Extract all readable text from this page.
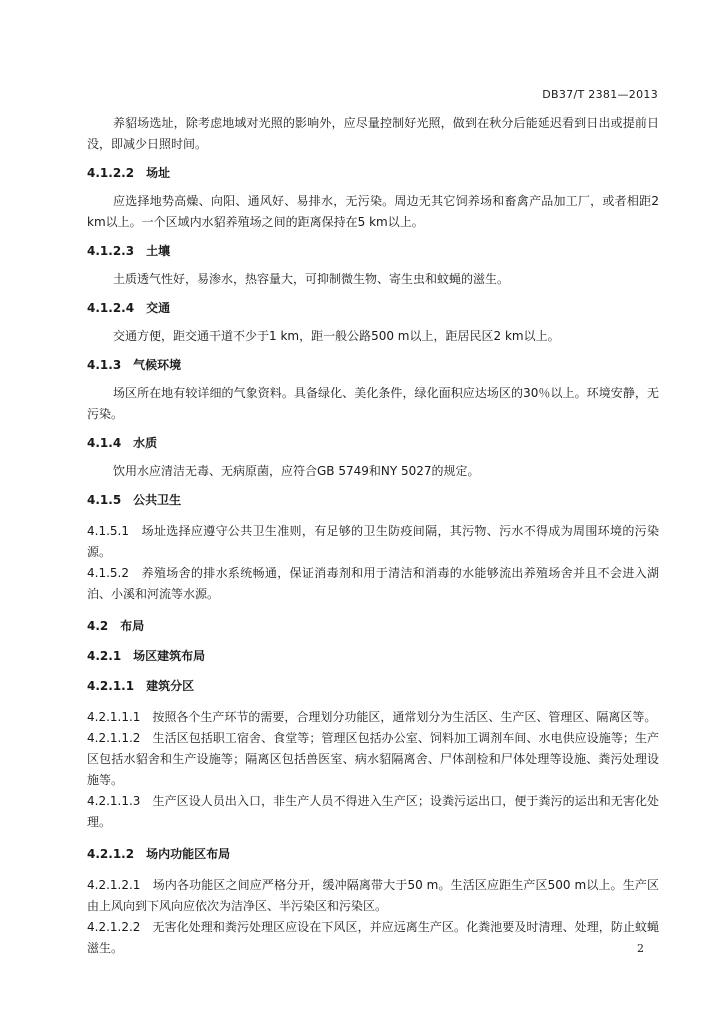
DB37/T 2381—2013

养貂场选址，除考虑地域对光照的影响外，应尽量控制好光照，做到在秋分后能延迟看到日出或提前日没，即减少日照时间。

4.1.2.2 场址

应选择地势高燥、向阳、通风好、易排水，无污染。周边无其它饲养场和畜禽产品加工厂，或者相距2 km以上。一个区域内水貂养殖场之间的距离保持在5 km以上。

4.1.2.3 土壤

土质透气性好，易渗水，热容量大，可抑制微生物、寄生虫和蚊蝇的滋生。

4.1.2.4 交通

交通方便，距交通干道不少于1 km，距一般公路500 m以上，距居民区2 km以上。

4.1.3 气候环境

场区所在地有较详细的气象资料。具备绿化、美化条件，绿化面积应达场区的30％以上。环境安静，无污染。

4.1.4 水质

饮用水应清洁无毒、无病原菌，应符合GB 5749和NY 5027的规定。

4.1.5 公共卫生

4.1.5.1　场址选择应遵守公共卫生准则，有足够的卫生防疫间隔，其污物、污水不得成为周围环境的污染源。

4.1.5.2　养殖场舍的排水系统畅通，保证消毒剂和用于清洁和消毒的水能够流出养殖场舍并且不会进入湖泊、小溪和河流等水源。

4.2 布局

4.2.1 场区建筑布局

4.2.1.1 建筑分区

4.2.1.1.1　按照各个生产环节的需要，合理划分功能区，通常划分为生活区、生产区、管理区、隔离区等。

4.2.1.1.2　生活区包括职工宿舍、食堂等；管理区包括办公室、饲料加工调剂车间、水电供应设施等；生产区包括水貂舍和生产设施等；隔离区包括兽医室、病水貂隔离舍、尸体剖检和尸体处理等设施、粪污处理设施等。

4.2.1.1.3　生产区设人员出入口，非生产人员不得进入生产区；设粪污运出口，便于粪污的运出和无害化处理。

4.2.1.2 场内功能区布局

4.2.1.2.1　场内各功能区之间应严格分开，缓冲隔离带大于50 m。生活区应距生产区500 m以上。生产区由上风向到下风向应依次为洁净区、半污染区和污染区。

4.2.1.2.2　无害化处理和粪污处理区应设在下风区，并应远离生产区。化粪池要及时清理、处理，防止蚊蝇滋生。	2
